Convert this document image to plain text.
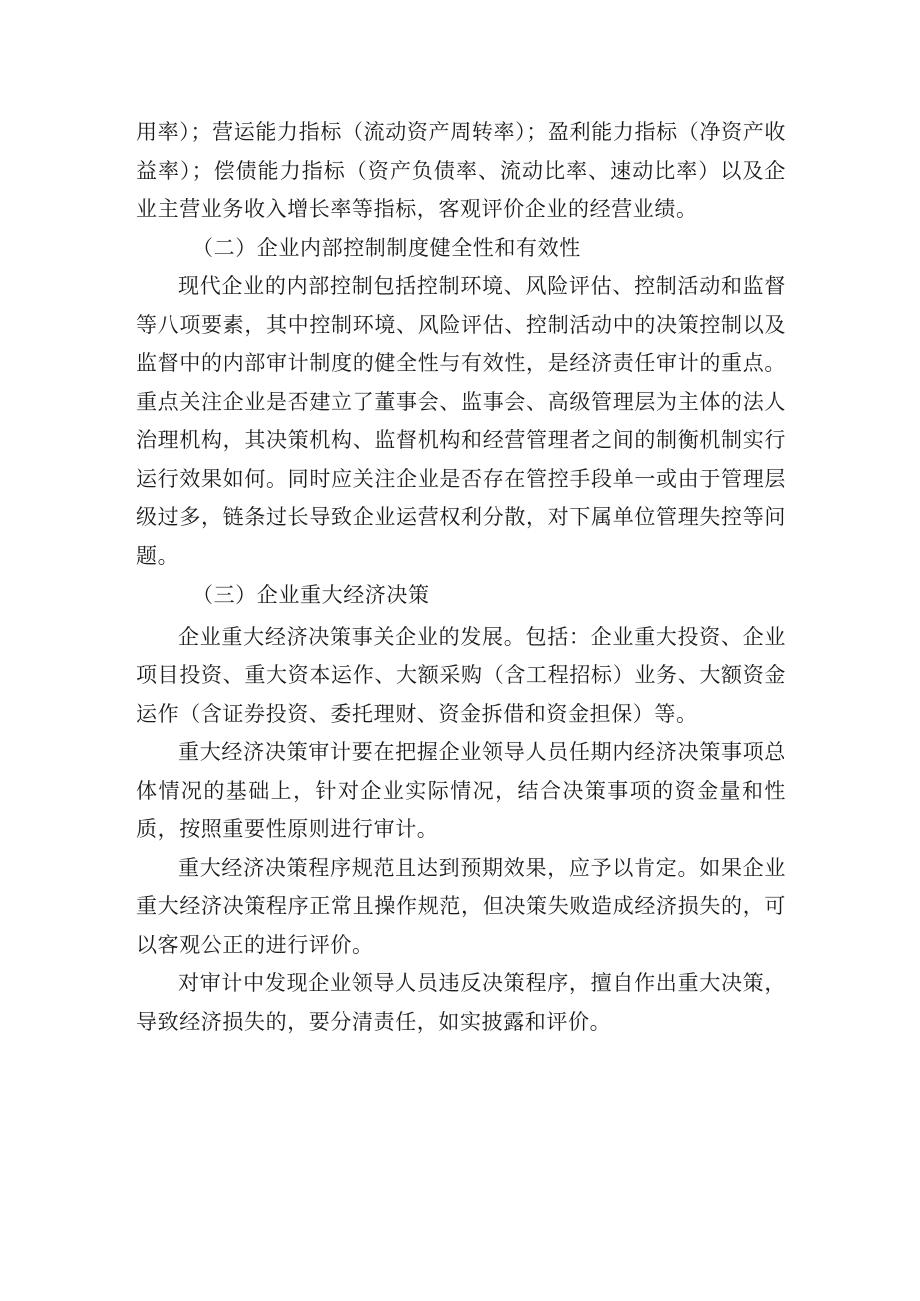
用率）；营运能力指标（流动资产周转率）；盈利能力指标（净资产收益率）；偿债能力指标（资产负债率、流动比率、速动比率）以及企业主营业务收入增长率等指标，客观评价企业的经营业绩。

（二）企业内部控制制度健全性和有效性

现代企业的内部控制包括控制环境、风险评估、控制活动和监督等八项要素，其中控制环境、风险评估、控制活动中的决策控制以及监督中的内部审计制度的健全性与有效性，是经济责任审计的重点。重点关注企业是否建立了董事会、监事会、高级管理层为主体的法人治理机构，其决策机构、监督机构和经营管理者之间的制衡机制实行运行效果如何。同时应关注企业是否存在管控手段单一或由于管理层级过多，链条过长导致企业运营权利分散，对下属单位管理失控等问题。

（三）企业重大经济决策

企业重大经济决策事关企业的发展。包括：企业重大投资、企业项目投资、重大资本运作、大额采购（含工程招标）业务、大额资金运作（含证券投资、委托理财、资金拆借和资金担保）等。

重大经济决策审计要在把握企业领导人员任期内经济决策事项总体情况的基础上，针对企业实际情况，结合决策事项的资金量和性质，按照重要性原则进行审计。

重大经济决策程序规范且达到预期效果，应予以肯定。如果企业重大经济决策程序正常且操作规范，但决策失败造成经济损失的，可以客观公正的进行评价。

对审计中发现企业领导人员违反决策程序，擅自作出重大决策，导致经济损失的，要分清责任，如实披露和评价。
